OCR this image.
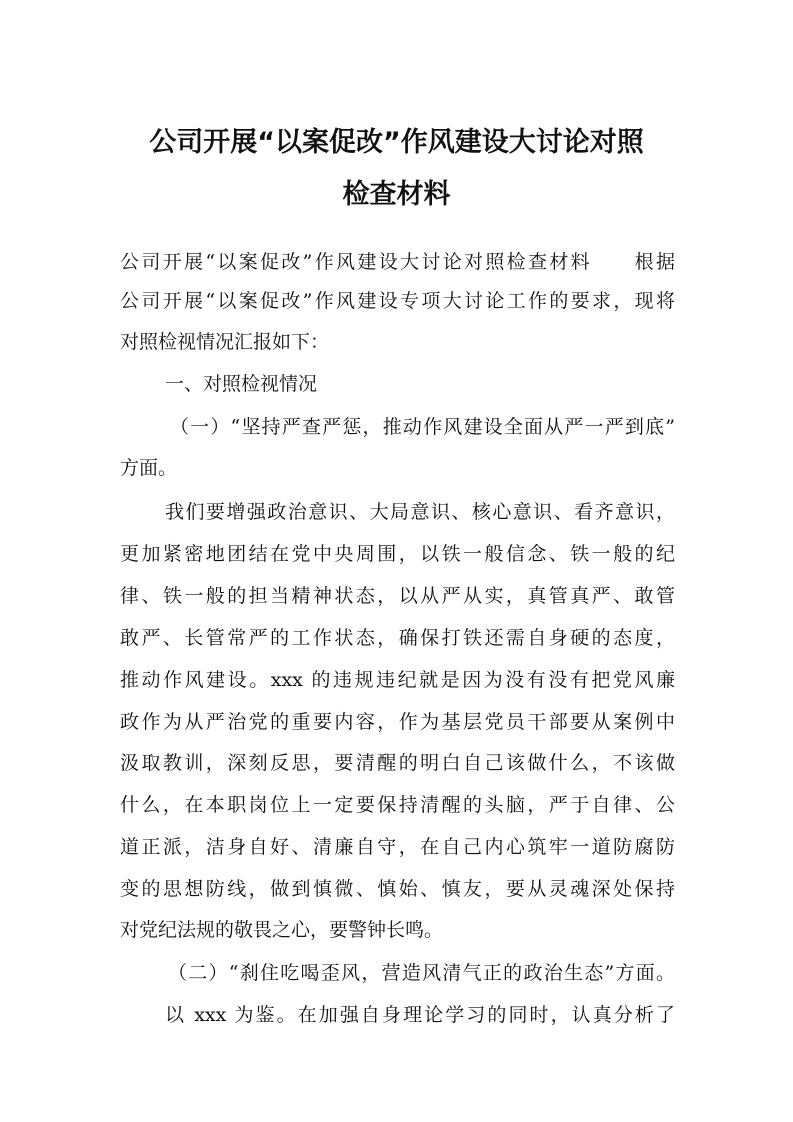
公司开展“以案促改”作风建设大讨论对照
检查材料

公司开展“以案促改”作风建设大讨论对照检查材料　　根据

公司开展“以案促改”作风建设专项大讨论工作的要求，现将

对照检视情况汇报如下：

一、对照检视情况

（一）“坚持严查严惩，推动作风建设全面从严一严到底”

方面。

我们要增强政治意识、大局意识、核心意识、看齐意识，

更加紧密地团结在党中央周围，以铁一般信念、铁一般的纪

律、铁一般的担当精神状态，以从严从实，真管真严、敢管

敢严、长管常严的工作状态，确保打铁还需自身硬的态度，

推动作风建设。xxx 的违规违纪就是因为没有没有把党风廉

政作为从严治党的重要内容，作为基层党员干部要从案例中

汲取教训，深刻反思，要清醒的明白自己该做什么，不该做

什么，在本职岗位上一定要保持清醒的头脑，严于自律、公

道正派，洁身自好、清廉自守，在自己内心筑牢一道防腐防

变的思想防线，做到慎微、慎始、慎友，要从灵魂深处保持

对党纪法规的敬畏之心，要警钟长鸣。

（二）“刹住吃喝歪风，营造风清气正的政治生态”方面。

以 xxx 为鉴。在加强自身理论学习的同时，认真分析了
